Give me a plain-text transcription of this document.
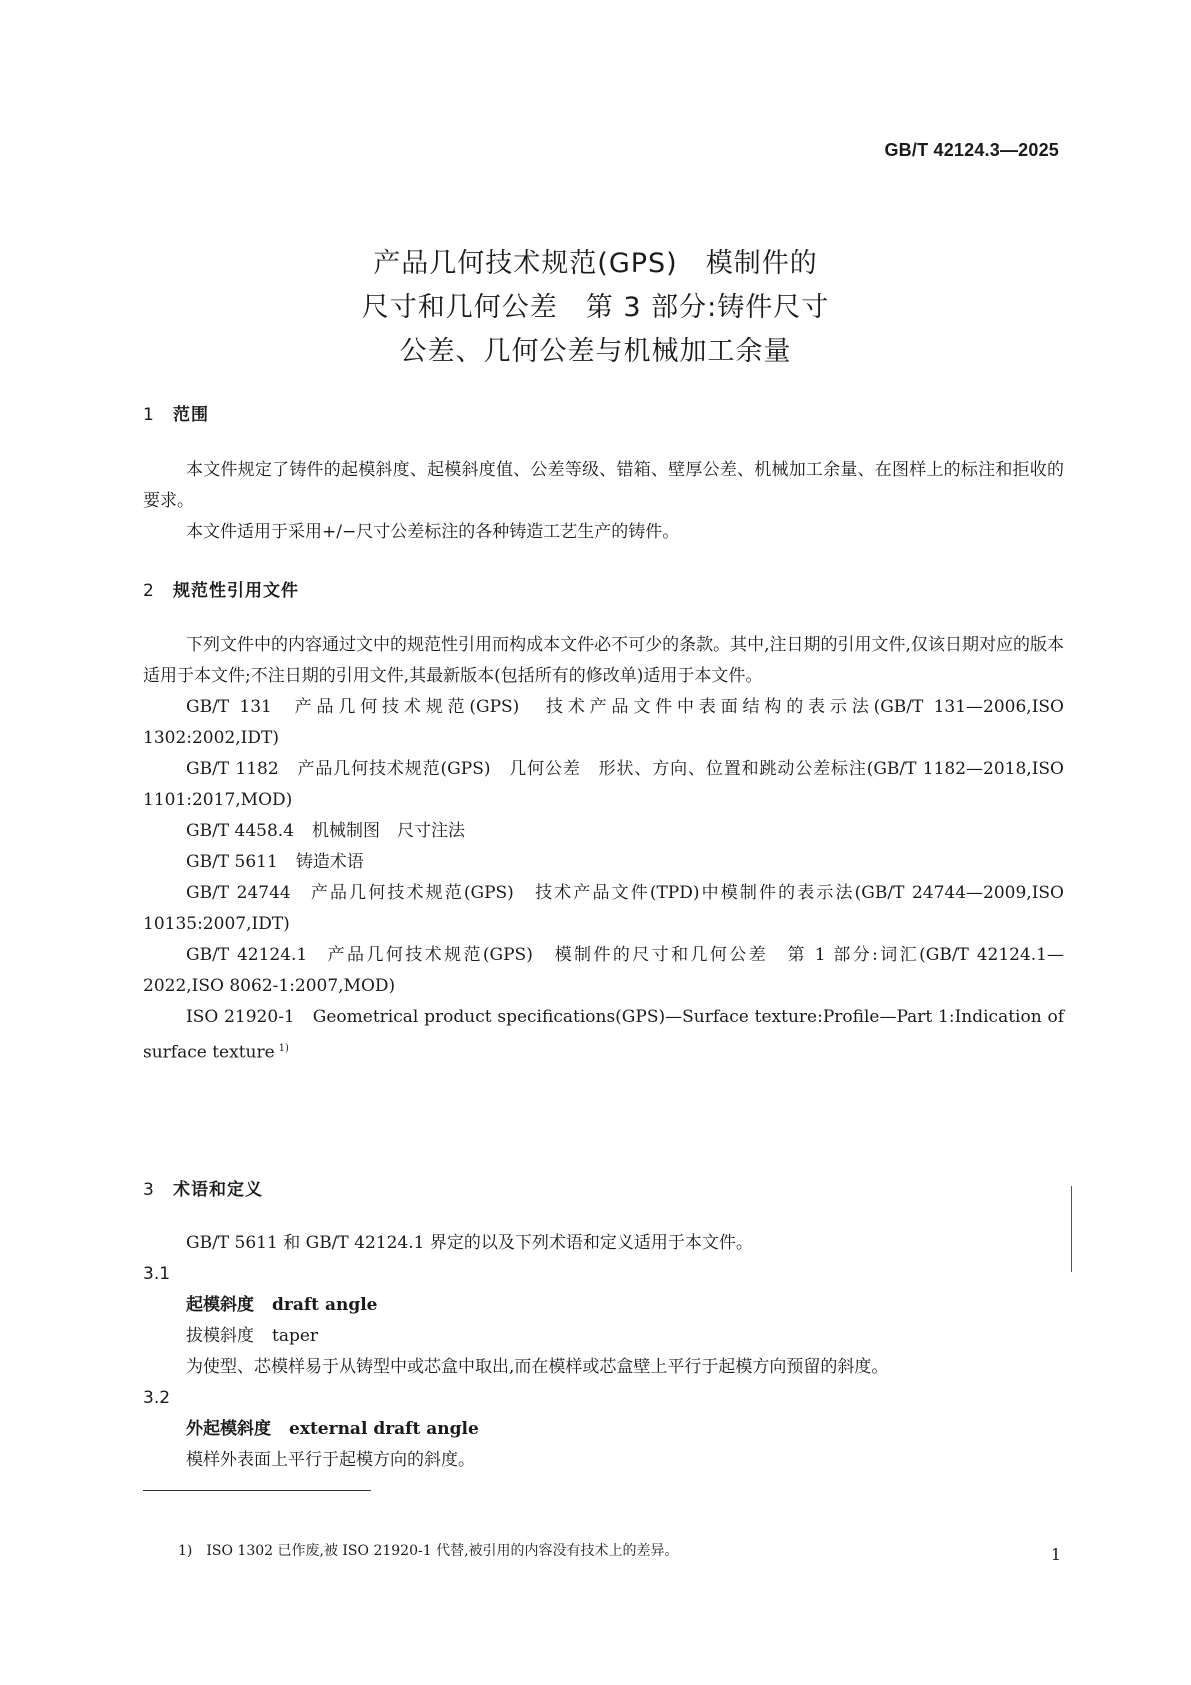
GB/T 42124.3—2025
产品几何技术规范(GPS)　模制件的
尺寸和几何公差　第 3 部分:铸件尺寸
公差、几何公差与机械加工余量
1 范围

本文件规定了铸件的起模斜度、起模斜度值、公差等级、错箱、壁厚公差、机械加工余量、在图样上的标注和拒收的要求。

本文件适用于采用+/−尺寸公差标注的各种铸造工艺生产的铸件。

2 规范性引用文件

下列文件中的内容通过文中的规范性引用而构成本文件必不可少的条款。其中,注日期的引用文件,仅该日期对应的版本适用于本文件;不注日期的引用文件,其最新版本(包括所有的修改单)适用于本文件。

GB/T 131 产品几何技术规范(GPS)　技术产品文件中表面结构的表示法(GB/T 131—2006,ISO 1302:2002,IDT)

GB/T 1182 产品几何技术规范(GPS)　几何公差　形状、方向、位置和跳动公差标注(GB/T 1182—2018,ISO 1101:2017,MOD)

GB/T 4458.4 机械制图　尺寸注法

GB/T 5611 铸造术语

GB/T 24744 产品几何技术规范(GPS)　技术产品文件(TPD)中模制件的表示法(GB/T 24744—2009,ISO 10135:2007,IDT)

GB/T 42124.1 产品几何技术规范(GPS)　模制件的尺寸和几何公差　第 1 部分:词汇(GB/T 42124.1—2022,ISO 8062-1:2007,MOD)

ISO 21920-1 Geometrical product specifications(GPS)—Surface texture:Profile—Part 1:Indication of surface texture $^{1)}$

3 术语和定义

GB/T 5611 和 GB/T 42124.1 界定的以及下列术语和定义适用于本文件。

3.1
起模斜度 draft angle
拔模斜度 taper
为使型、芯模样易于从铸型中或芯盒中取出,而在模样或芯盒壁上平行于起模方向预留的斜度。
3.2
外起模斜度 external draft angle
模样外表面上平行于起模方向的斜度。
1) ISO 1302 已作废,被 ISO 21920-1 代替,被引用的内容没有技术上的差异。	1
